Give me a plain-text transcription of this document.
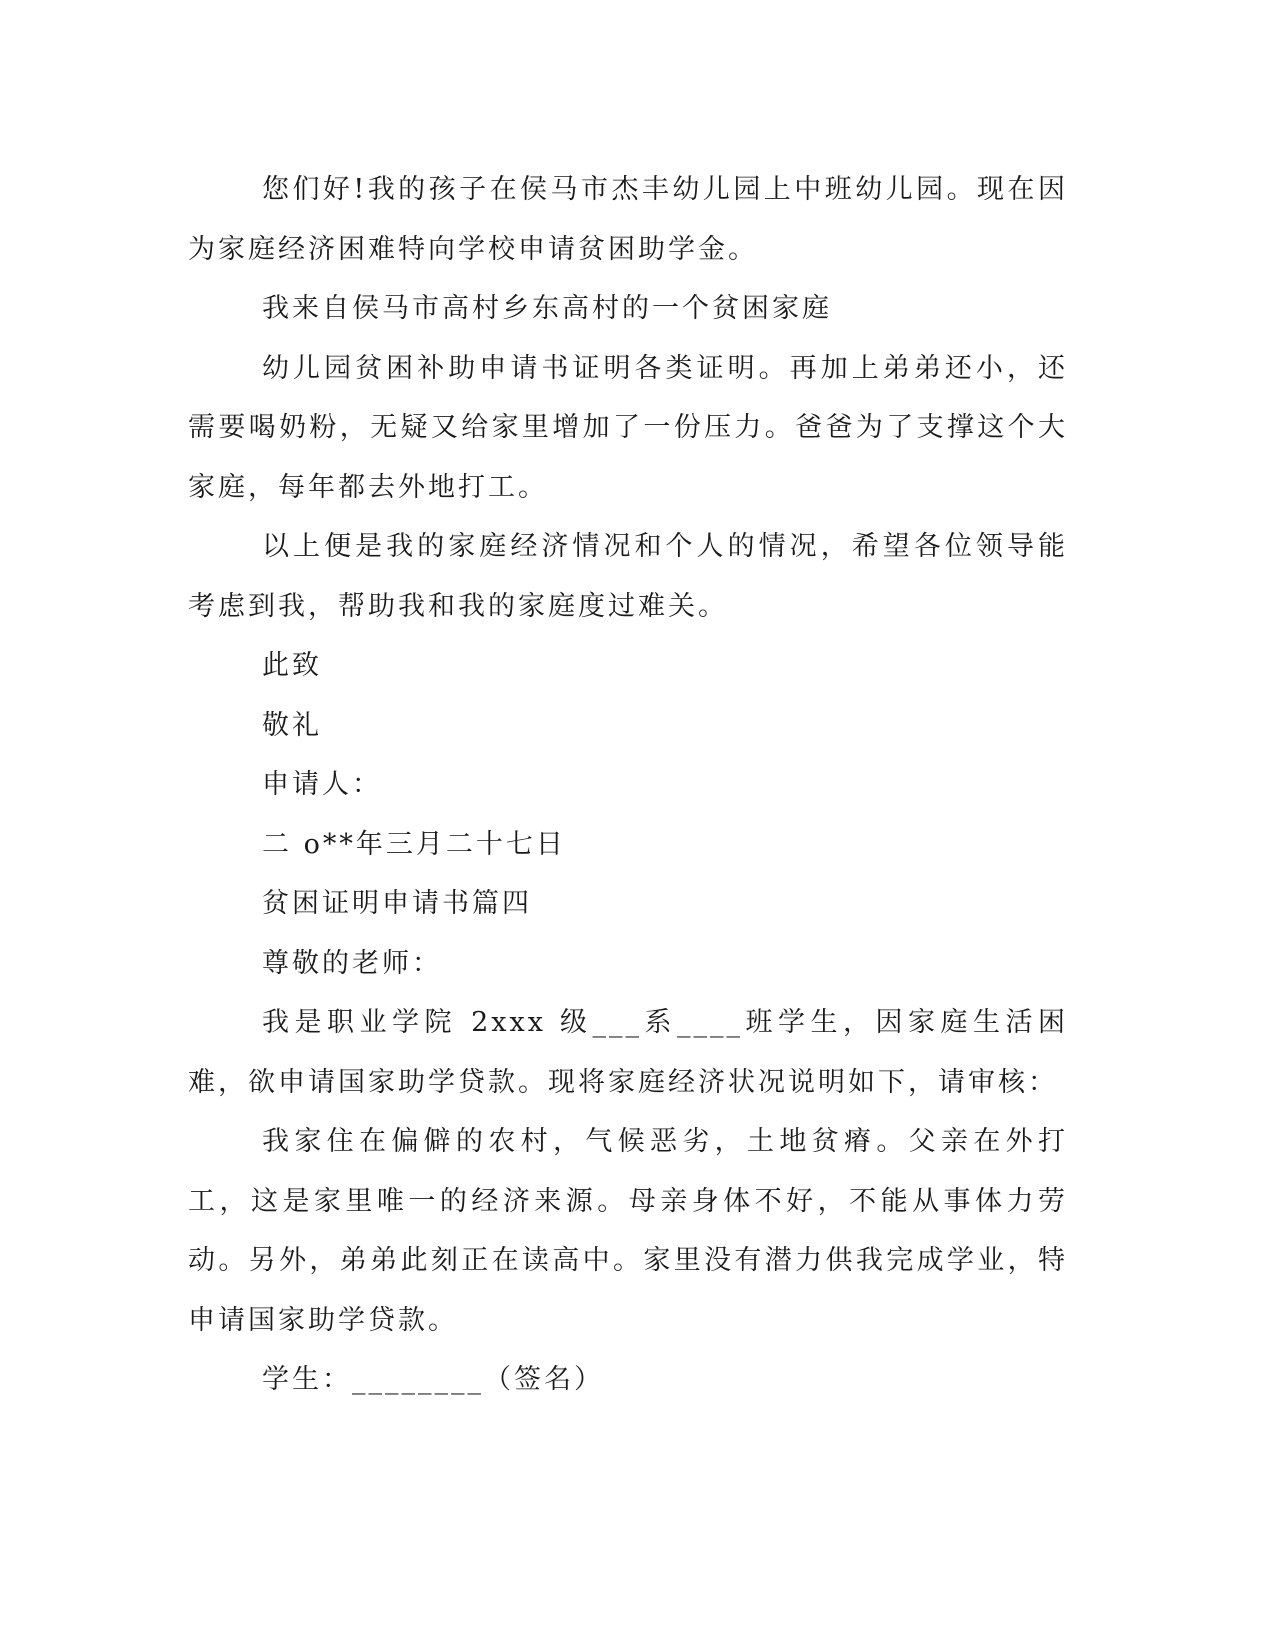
您们好!我的孩子在侯马市杰丰幼儿园上中班幼儿园。现在因为家庭经济困难特向学校申请贫困助学金。

我来自侯马市高村乡东高村的一个贫困家庭

幼儿园贫困补助申请书证明各类证明。再加上弟弟还小，还需要喝奶粉，无疑又给家里增加了一份压力。爸爸为了支撑这个大家庭，每年都去外地打工。

以上便是我的家庭经济情况和个人的情况，希望各位领导能考虑到我，帮助我和我的家庭度过难关。

此致

敬礼

申请人：

二 o**年三月二十七日

贫困证明申请书篇四

尊敬的老师：

我是职业学院 2xxx 级___系____班学生，因家庭生活困难，欲申请国家助学贷款。现将家庭经济状况说明如下，请审核：

我家住在偏僻的农村，气候恶劣，土地贫瘠。父亲在外打工，这是家里唯一的经济来源。母亲身体不好，不能从事体力劳动。另外，弟弟此刻正在读高中。家里没有潜力供我完成学业，特申请国家助学贷款。

学生：________（签名）
